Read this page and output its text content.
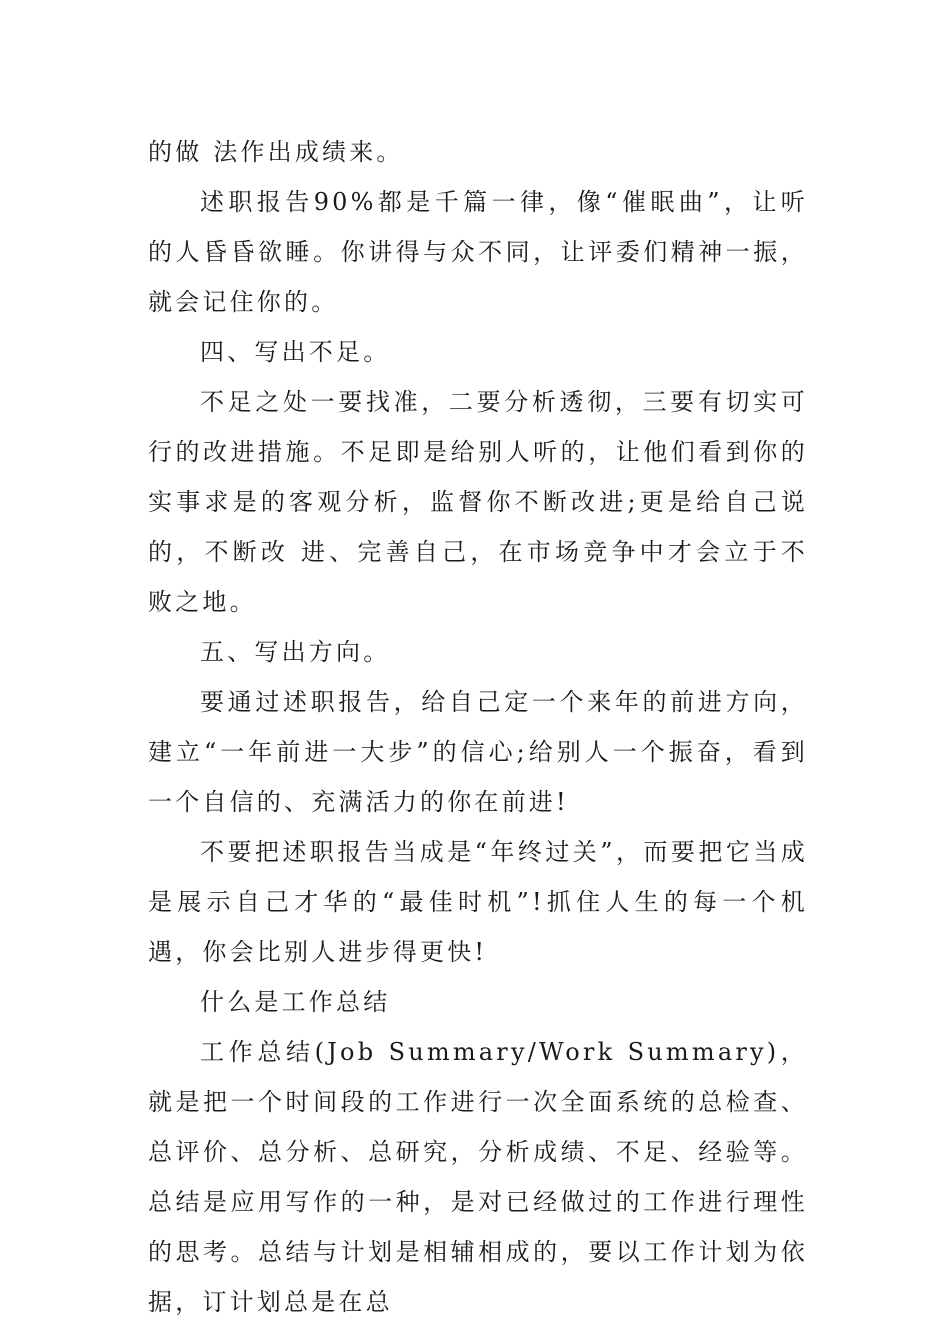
的做 法作出成绩来。

述职报告90%都是千篇一律，像“催眠曲”，让听的人昏昏欲睡。你讲得与众不同，让评委们精神一振，就会记住你的。

四、写出不足。

不足之处一要找准，二要分析透彻，三要有切实可行的改进措施。不足即是给别人听的，让他们看到你的实事求是的客观分析，监督你不断改进;更是给自己说的，不断改 进、完善自己，在市场竞争中才会立于不败之地。

五、写出方向。

要通过述职报告，给自己定一个来年的前进方向，建立“一年前进一大步”的信心;给别人一个振奋，看到一个自信的、充满活力的你在前进!

不要把述职报告当成是“年终过关”，而要把它当成是展示自己才华的“最佳时机”!抓住人生的每一个机遇，你会比别人进步得更快!

什么是工作总结

工作总结(Job Summary/Work Summary)，就是把一个时间段的工作进行一次全面系统的总检查、总评价、总分析、总研究，分析成绩、不足、经验等。总结是应用写作的一种，是对已经做过的工作进行理性的思考。总结与计划是相辅相成的，要以工作计划为依据，订计划总是在总
